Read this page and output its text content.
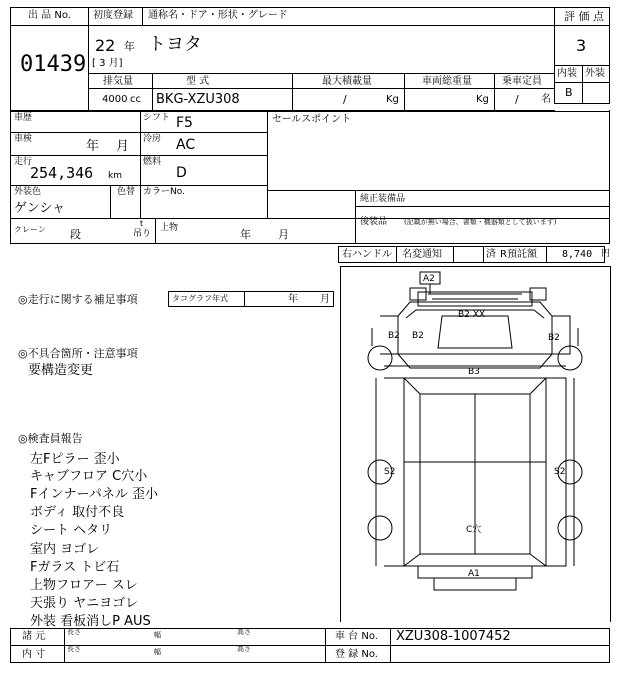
出 品 No.
01439
初度登録 通称名・ドア・形状・グレード
22 年
[ 3 月]
トヨタ
評 価 点
3
内装 外装
B
排気量	型 式	最大積載量	車両総重量	乗車定員
4000 cc BKG-XZU308	/	Kg	Kg / 名
車歴	シフト F5	セールスポイント
車検	年 月 冷房 AC
走行
254,346 km
燃料
D
外装色	色替 カラーNo.
ゲンシャ
純正装備品
後装品 (記載が無い場合、書類・機器類として扱います)
クレーン 段
t
吊り
上物	年 月
右ハンドル 名変通知	済 R預託額	8,740 円
◎走行に関する補足事項	タコグラフ年式	年 月
◎不具合箇所・注意事項
要構造変更
◎検査員報告
左Fピラー 歪小
キャブフロア C穴小
Fインナーパネル 歪小
ボディ 取付不良
シート ヘタリ
室内 ヨゴレ
Fガラス トビ石
上物フロアー スレ
天張り ヤニヨゴレ
外装 看板消しP AUS
A2
B2 XX
B2 B2	B2
B3
S2	S2
C穴
A1
諸 元
内 寸
長さ	幅	高さ
長さ	幅	高さ
車 台 No. XZU308-1007452
登 録 No.
